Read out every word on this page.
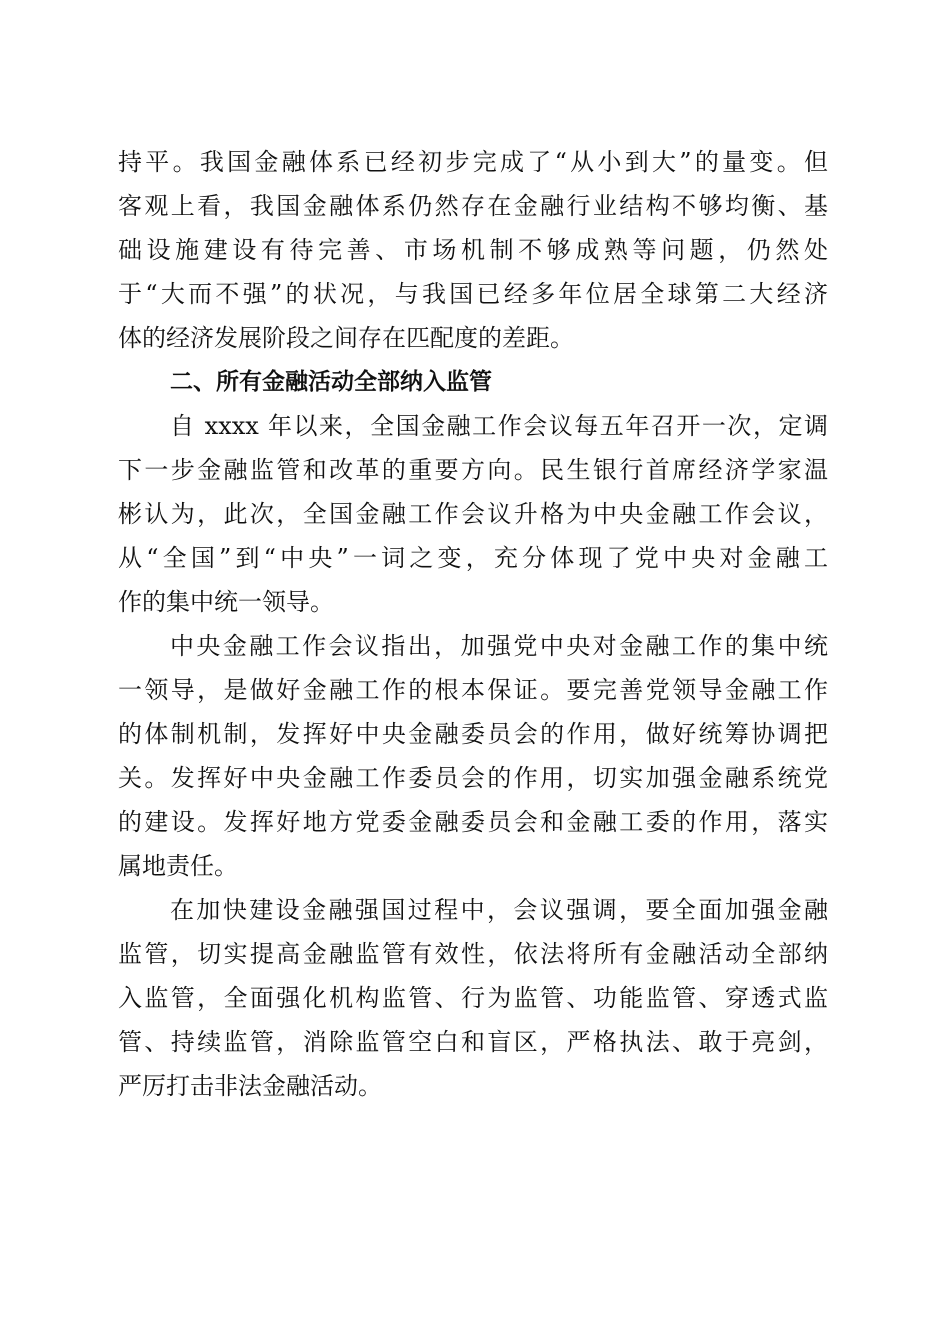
持平。我国金融体系已经初步完成了“从小到大”的量变。但
客观上看，我国金融体系仍然存在金融行业结构不够均衡、基
础设施建设有待完善、市场机制不够成熟等问题，仍然处
于“大而不强”的状况，与我国已经多年位居全球第二大经济
体的经济发展阶段之间存在匹配度的差距。
二、所有金融活动全部纳入监管
自 xxxx 年以来，全国金融工作会议每五年召开一次，定调
下一步金融监管和改革的重要方向。民生银行首席经济学家温
彬认为，此次，全国金融工作会议升格为中央金融工作会议，
从“全国”到“中央”一词之变，充分体现了党中央对金融工
作的集中统一领导。
中央金融工作会议指出，加强党中央对金融工作的集中统
一领导，是做好金融工作的根本保证。要完善党领导金融工作
的体制机制，发挥好中央金融委员会的作用，做好统筹协调把
关。发挥好中央金融工作委员会的作用，切实加强金融系统党
的建设。发挥好地方党委金融委员会和金融工委的作用，落实
属地责任。
在加快建设金融强国过程中，会议强调，要全面加强金融
监管，切实提高金融监管有效性，依法将所有金融活动全部纳
入监管，全面强化机构监管、行为监管、功能监管、穿透式监
管、持续监管，消除监管空白和盲区，严格执法、敢于亮剑，
严厉打击非法金融活动。
